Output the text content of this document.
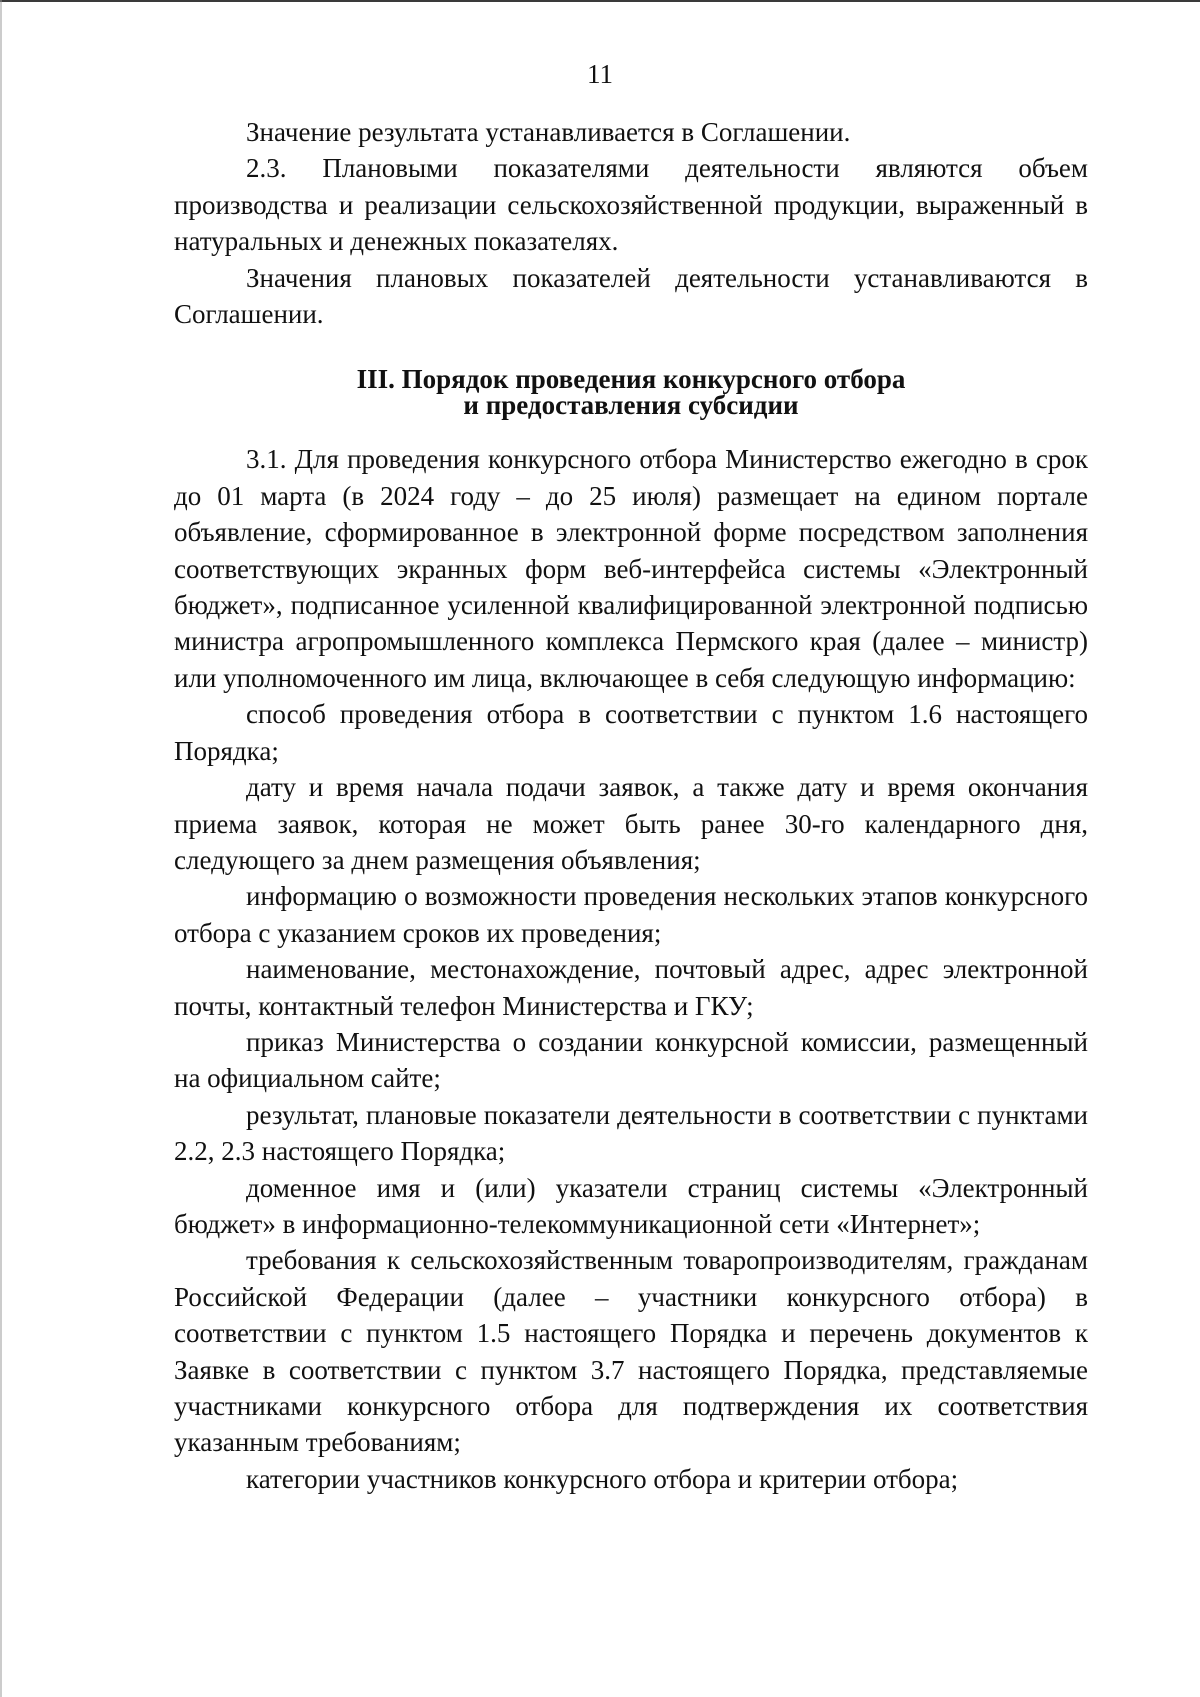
11

Значение результата устанавливается в Соглашении.

2.3. Плановыми показателями деятельности являются объем производства и реализации сельскохозяйственной продукции, выраженный в натуральных и денежных показателях.

Значения плановых показателей деятельности устанавливаются в Соглашении.

III. Порядок проведения конкурсного отбора
и предоставления субсидии

3.1. Для проведения конкурсного отбора Министерство ежегодно в срок до 01 марта (в 2024 году – до 25 июля) размещает на едином портале объявление, сформированное в электронной форме посредством заполнения соответствующих экранных форм веб-интерфейса системы «Электронный бюджет», подписанное усиленной квалифицированной электронной подписью министра агропромышленного комплекса Пермского края (далее – министр) или уполномоченного им лица, включающее в себя следующую информацию:

способ проведения отбора в соответствии с пунктом 1.6 настоящего Порядка;

дату и время начала подачи заявок, а также дату и время окончания приема заявок, которая не может быть ранее 30-го календарного дня, следующего за днем размещения объявления;

информацию о возможности проведения нескольких этапов конкурсного отбора с указанием сроков их проведения;

наименование, местонахождение, почтовый адрес, адрес электронной почты, контактный телефон Министерства и ГКУ;

приказ Министерства о создании конкурсной комиссии, размещенный на официальном сайте;

результат, плановые показатели деятельности в соответствии с пунктами 2.2, 2.3 настоящего Порядка;

доменное имя и (или) указатели страниц системы «Электронный бюджет» в информационно-телекоммуникационной сети «Интернет»;

требования к сельскохозяйственным товаропроизводителям, гражданам Российской Федерации (далее – участники конкурсного отбора) в соответствии с пунктом 1.5 настоящего Порядка и перечень документов к Заявке в соответствии с пунктом 3.7 настоящего Порядка, представляемые участниками конкурсного отбора для подтверждения их соответствия указанным требованиям;

категории участников конкурсного отбора и критерии отбора;
